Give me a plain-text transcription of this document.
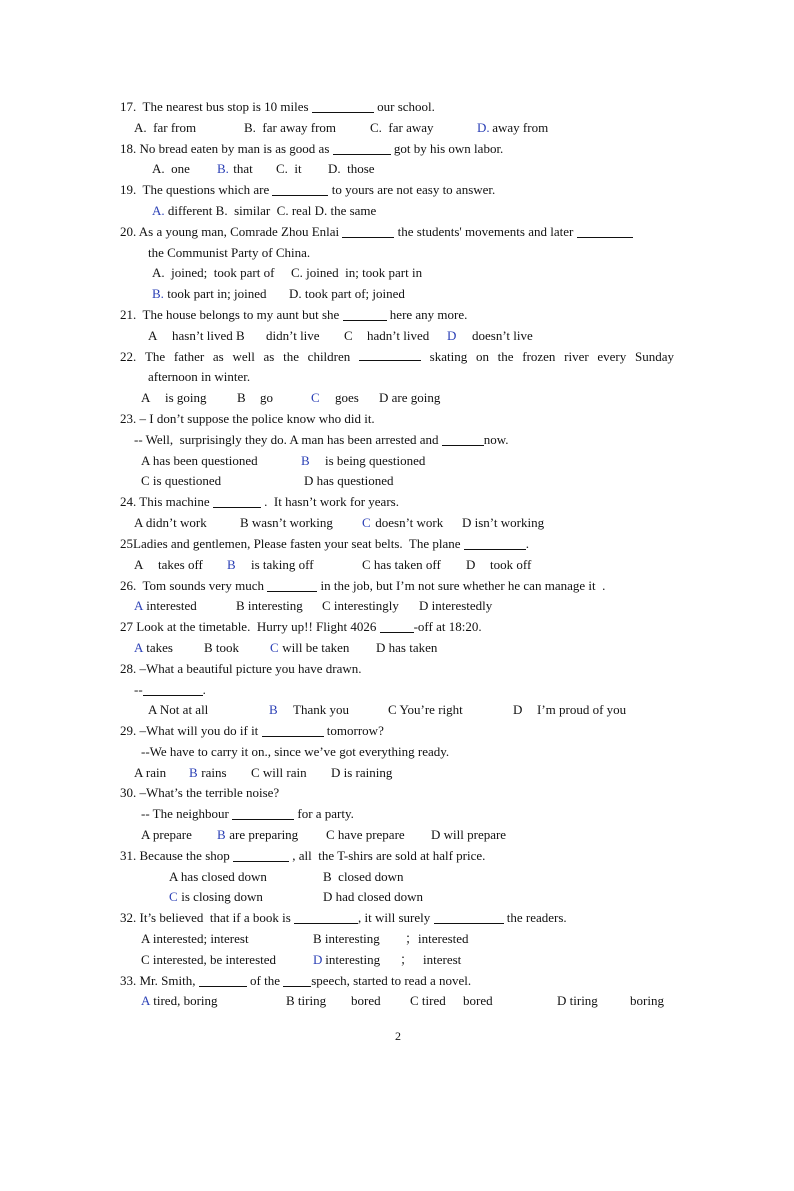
17.  The nearest bus stop is 10 miles	our school.

A.  far from

	B.  far away from

	C.  far away

	D.

away from

18. No bread eaten by man is as good as	got by his own labor.

A.  one

B.

that

C.  it

D.  those

19.  The questions which are	to yours are not easy to answer.
A. different B.  similar  C. real D. the same
20. As a young man, Comrade Zhou Enlai	the students' movements and later
the Communist Party of China.

A.  joined;  took part of

C. joined  in; took part in

B.

took part in; joined

D. took part of; joined

21.  The house belongs to my aunt but she	here any more.

A

hasn’t lived B

didn’t live

C

hadn’t lived

D

doesn’t live

22. The father as well as the children	skating on the frozen river every Sunday
afternoon in winter.

A

is going

B

go

	C

goes

D are going

23. – I don’t suppose the police know who did it.
-- Well,  surprisingly they do. A man has been arrested and	now.

A has been questioned

	B

is being questioned

C is questioned

	D has questioned

24. This machine	.  It hasn’t work for years.

A didn’t work

	B wasn’t working

C

doesn’t work

D isn’t working

25Ladies and gentlemen, Please fasten your seat belts.  The plane	.

A

takes off

B

is taking off

	C has taken off

D

took off

26.  Tom sounds very much	in the job, but I’m not sure whether he can manage it  .

A

interested

	B interesting

C interestingly

D interestedly

27 Look at the timetable.  Hurry up!! Flight 4026	-off at 18:20.

A

takes

B took

C

will be taken

D has taken

28. –What a beautiful picture you have drawn.
--	.

A Not at all

	B

Thank you

	C You’re right

	D

I’m proud of you

29. –What will you do if it	tomorrow?
--We have to carry it on., since we’ve got everything ready.

A rain

B

rains

C will rain

D is raining

30. –What’s the terrible noise?
-- The neighbour	for a party.

A prepare

B

are preparing

C have prepare

D will prepare

31. Because the shop	, all  the T-shirs are sold at half price.

A has closed down

	B  closed down

C

is closing down

	D had closed down

32. It’s believed  that if a book is	, it will surely	the readers.

A interested; interest

	B interesting

；interested

C interested, be interested

	D

interesting

；

interest

33. Mr. Smith,	of the speech, started to read a novel.

A

tired, boring

	B tiring

bored

C tired

bored

	D tiring

boring

2
